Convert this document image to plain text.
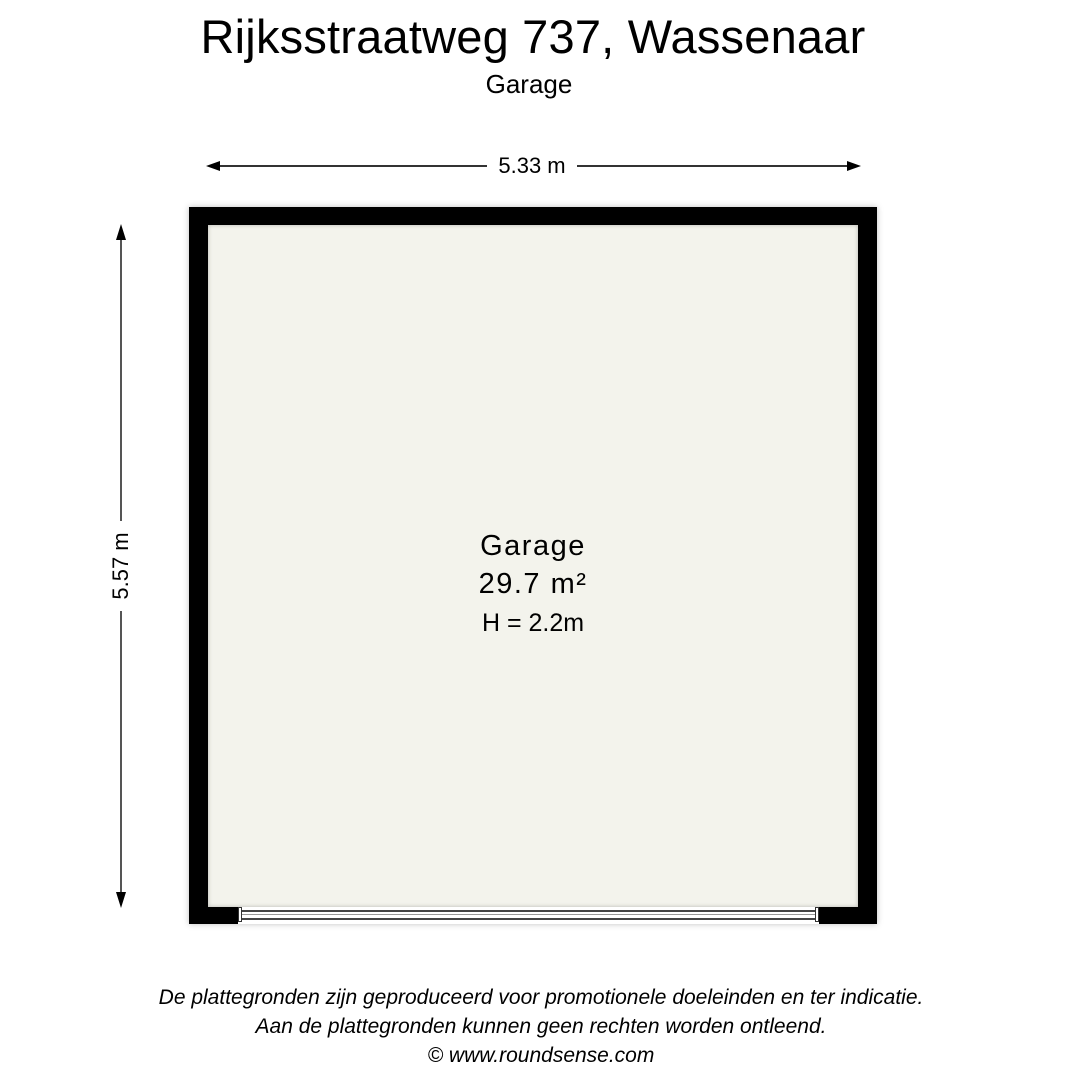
Rijksstraatweg 737, Wassenaar
Garage
5.33 m
5.57 m	Garage
29.7 m²
H = 2.2m
De plattegronden zijn geproduceerd voor promotionele doeleinden en ter indicatie.
Aan de plattegronden kunnen geen rechten worden ontleend.
© www.roundsense.com
